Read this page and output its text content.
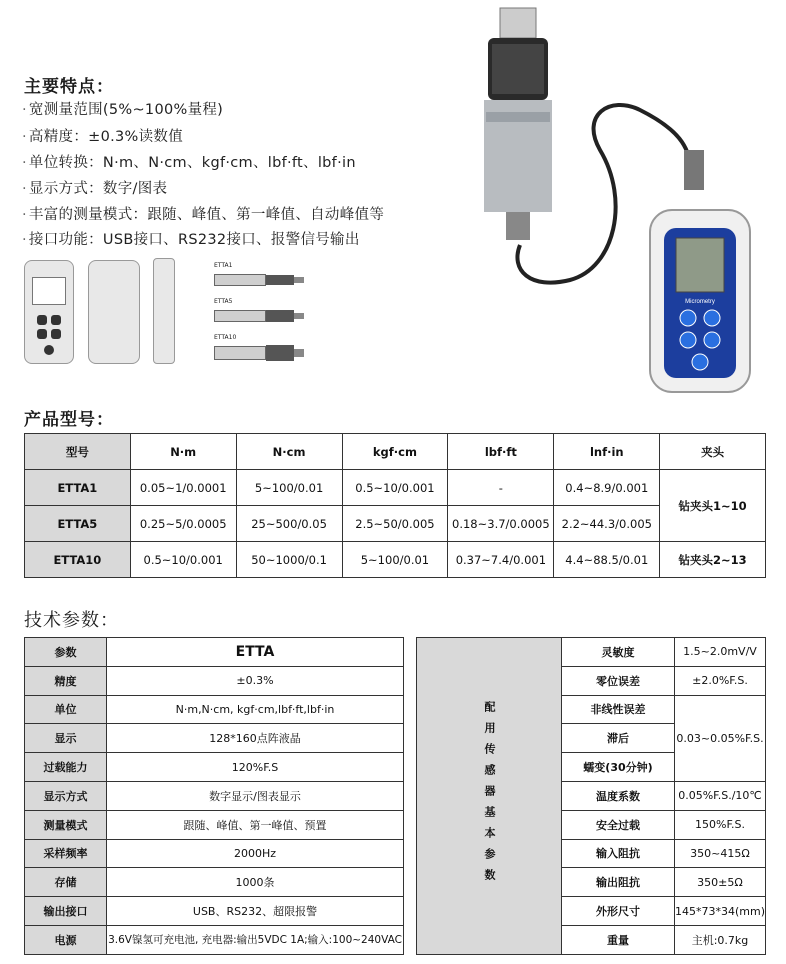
主要特点：
· 宽测量范围(5%~100%量程)
· 高精度：±0.3%读数值
· 单位转换：N·m、N·cm、kgf·cm、lbf·ft、lbf·in
· 显示方式：数字/图表
· 丰富的测量模式：跟随、峰值、第一峰值、自动峰值等
· 接口功能：USB接口、RS232接口、报警信号输出
ETTA1
ETTA5
ETTA10
Micrometry
产品型号：
型号	N·m	N·cm	kgf·cm	lbf·ft	lnf·in	夹头
ETTA1	0.05~1/0.0001	5~100/0.01	0.5~10/0.001	-	0.4~8.9/0.001	钻夹头1~10
ETTA5	0.25~5/0.0005	25~500/0.05	2.5~50/0.005	0.18~3.7/0.0005	2.2~44.3/0.005	
ETTA10	0.5~10/0.001	50~1000/0.1	5~100/0.01	0.37~7.4/0.001	4.4~88.5/0.01	钻夹头2~13
技术参数：
参数	ETTA
精度	±0.3%
单位	N·m,N·cm, kgf·cm,lbf·ft,lbf·in
显示	128*160点阵液晶
过载能力	120%F.S
显示方式	数字显示/图表显示
测量模式	跟随、峰值、第一峰值、预置
采样频率	2000Hz
存储	1000条
输出接口	USB、RS232、超限报警
电源	3.6V镍氢可充电池, 充电器:输出5VDC 1A;输入:100~240VAC
配用传感器基本参数	灵敏度	1.5~2.0mV/V
	零位误差	±2.0%F.S.
	非线性误差	0.03~0.05%F.S.
	滞后	
	蠕变(30分钟)	
	温度系数	0.05%F.S./10℃
	安全过载	150%F.S.
	输入阻抗	350~415Ω
	输出阻抗	350±5Ω
	外形尺寸	145*73*34(mm)
	重量	主机:0.7kg
